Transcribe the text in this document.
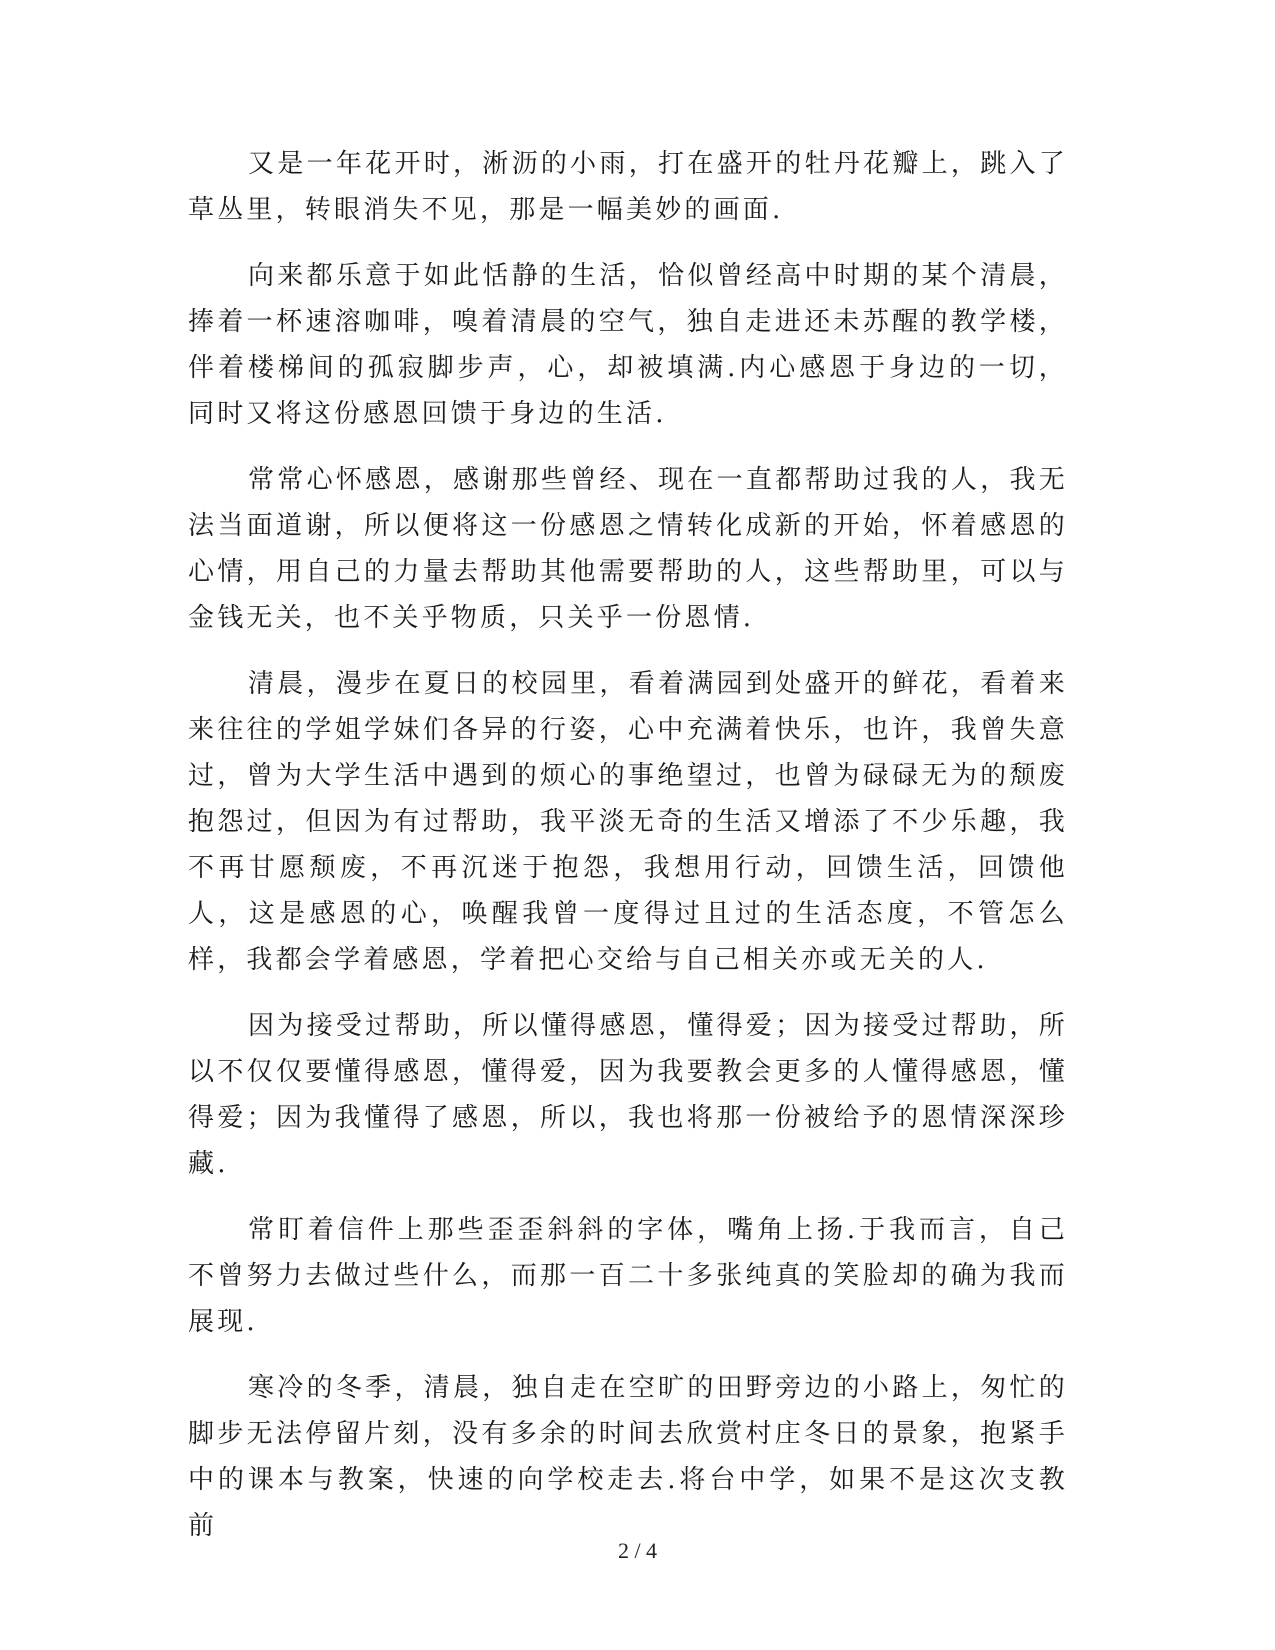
又是一年花开时，淅沥的小雨，打在盛开的牡丹花瓣上，跳入了草丛里，转眼消失不见，那是一幅美妙的画面.

向来都乐意于如此恬静的生活，恰似曾经高中时期的某个清晨，捧着一杯速溶咖啡，嗅着清晨的空气，独自走进还未苏醒的教学楼，伴着楼梯间的孤寂脚步声，心，却被填满.内心感恩于身边的一切，同时又将这份感恩回馈于身边的生活.

常常心怀感恩，感谢那些曾经、现在一直都帮助过我的人，我无法当面道谢，所以便将这一份感恩之情转化成新的开始，怀着感恩的心情，用自己的力量去帮助其他需要帮助的人，这些帮助里，可以与金钱无关，也不关乎物质，只关乎一份恩情.

清晨，漫步在夏日的校园里，看着满园到处盛开的鲜花，看着来来往往的学姐学妹们各异的行姿，心中充满着快乐，也许，我曾失意过，曾为大学生活中遇到的烦心的事绝望过，也曾为碌碌无为的颓废抱怨过，但因为有过帮助，我平淡无奇的生活又增添了不少乐趣，我不再甘愿颓废，不再沉迷于抱怨，我想用行动，回馈生活，回馈他人，这是感恩的心，唤醒我曾一度得过且过的生活态度，不管怎么样，我都会学着感恩，学着把心交给与自己相关亦或无关的人.

因为接受过帮助，所以懂得感恩，懂得爱；因为接受过帮助，所以不仅仅要懂得感恩，懂得爱，因为我要教会更多的人懂得感恩，懂得爱；因为我懂得了感恩，所以，我也将那一份被给予的恩情深深珍藏.

常盯着信件上那些歪歪斜斜的字体，嘴角上扬.于我而言，自己不曾努力去做过些什么，而那一百二十多张纯真的笑脸却的确为我而展现.

寒冷的冬季，清晨，独自走在空旷的田野旁边的小路上，匆忙的脚步无法停留片刻，没有多余的时间去欣赏村庄冬日的景象，抱紧手中的课本与教案，快速的向学校走去.将台中学，如果不是这次支教前

2 / 4
